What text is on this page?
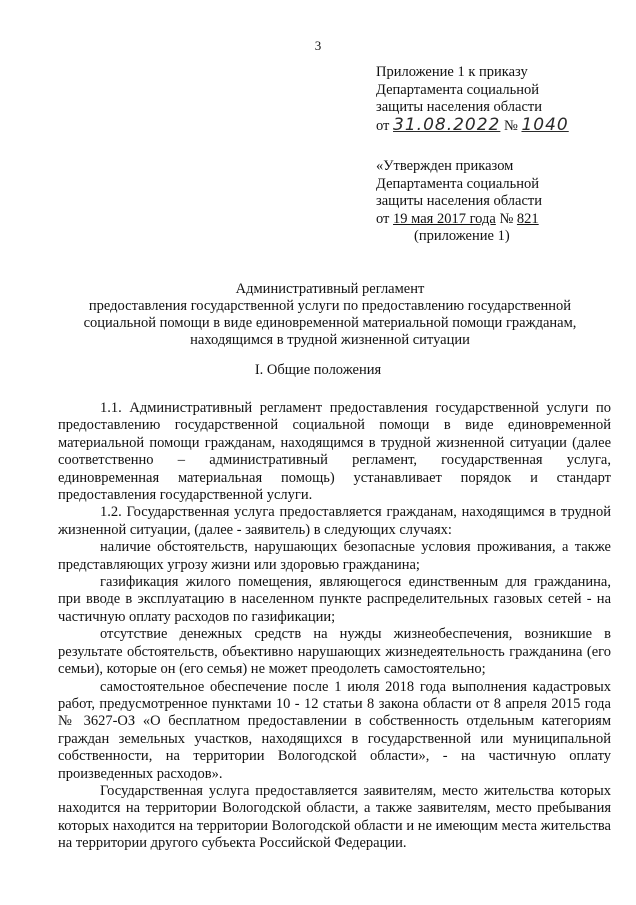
3
Приложение 1 к приказу
Департамента социальной
защиты населения области
от 31.08.2022 № 1040
«Утвержден приказом
Департамента социальной
защиты населения области
от 19 мая 2017 года № 821
(приложение 1)
Административный регламент
предоставления государственной услуги по предоставлению государственной
социальной помощи в виде единовременной материальной помощи гражданам,
находящимся в трудной жизненной ситуации
I. Общие положения

1.1. Административный регламент предоставления государственной услуги по предоставлению государственной социальной помощи в виде единовременной материальной помощи гражданам, находящимся в трудной жизненной ситуации (далее соответственно – административный регламент, государственная услуга, единовременная материальная помощь) устанавливает порядок и стандарт предоставления государственной услуги.

1.2. Государственная услуга предоставляется гражданам, находящимся в трудной жизненной ситуации, (далее - заявитель) в следующих случаях:

наличие обстоятельств, нарушающих безопасные условия проживания, а также представляющих угрозу жизни или здоровью гражданина;

газификация жилого помещения, являющегося единственным для гражданина, при вводе в эксплуатацию в населенном пункте распределительных газовых сетей - на частичную оплату расходов по газификации;

отсутствие денежных средств на нужды жизнеобеспечения, возникшие в результате обстоятельств, объективно нарушающих жизнедеятельность гражданина (его семьи), которые он (его семья) не может преодолеть самостоятельно;

самостоятельное обеспечение после 1 июля 2018 года выполнения кадастровых работ, предусмотренное пунктами 10 - 12 статьи 8 закона области от 8 апреля 2015 года № 3627-ОЗ «О бесплатном предоставлении в собственность отдельным категориям граждан земельных участков, находящихся в государственной или муниципальной собственности, на территории Вологодской области», - на частичную оплату произведенных расходов».

Государственная услуга предоставляется заявителям, место жительства которых находится на территории Вологодской области, а также заявителям, место пребывания которых находится на территории Вологодской области и не имеющим места жительства на территории другого субъекта Российской Федерации.
